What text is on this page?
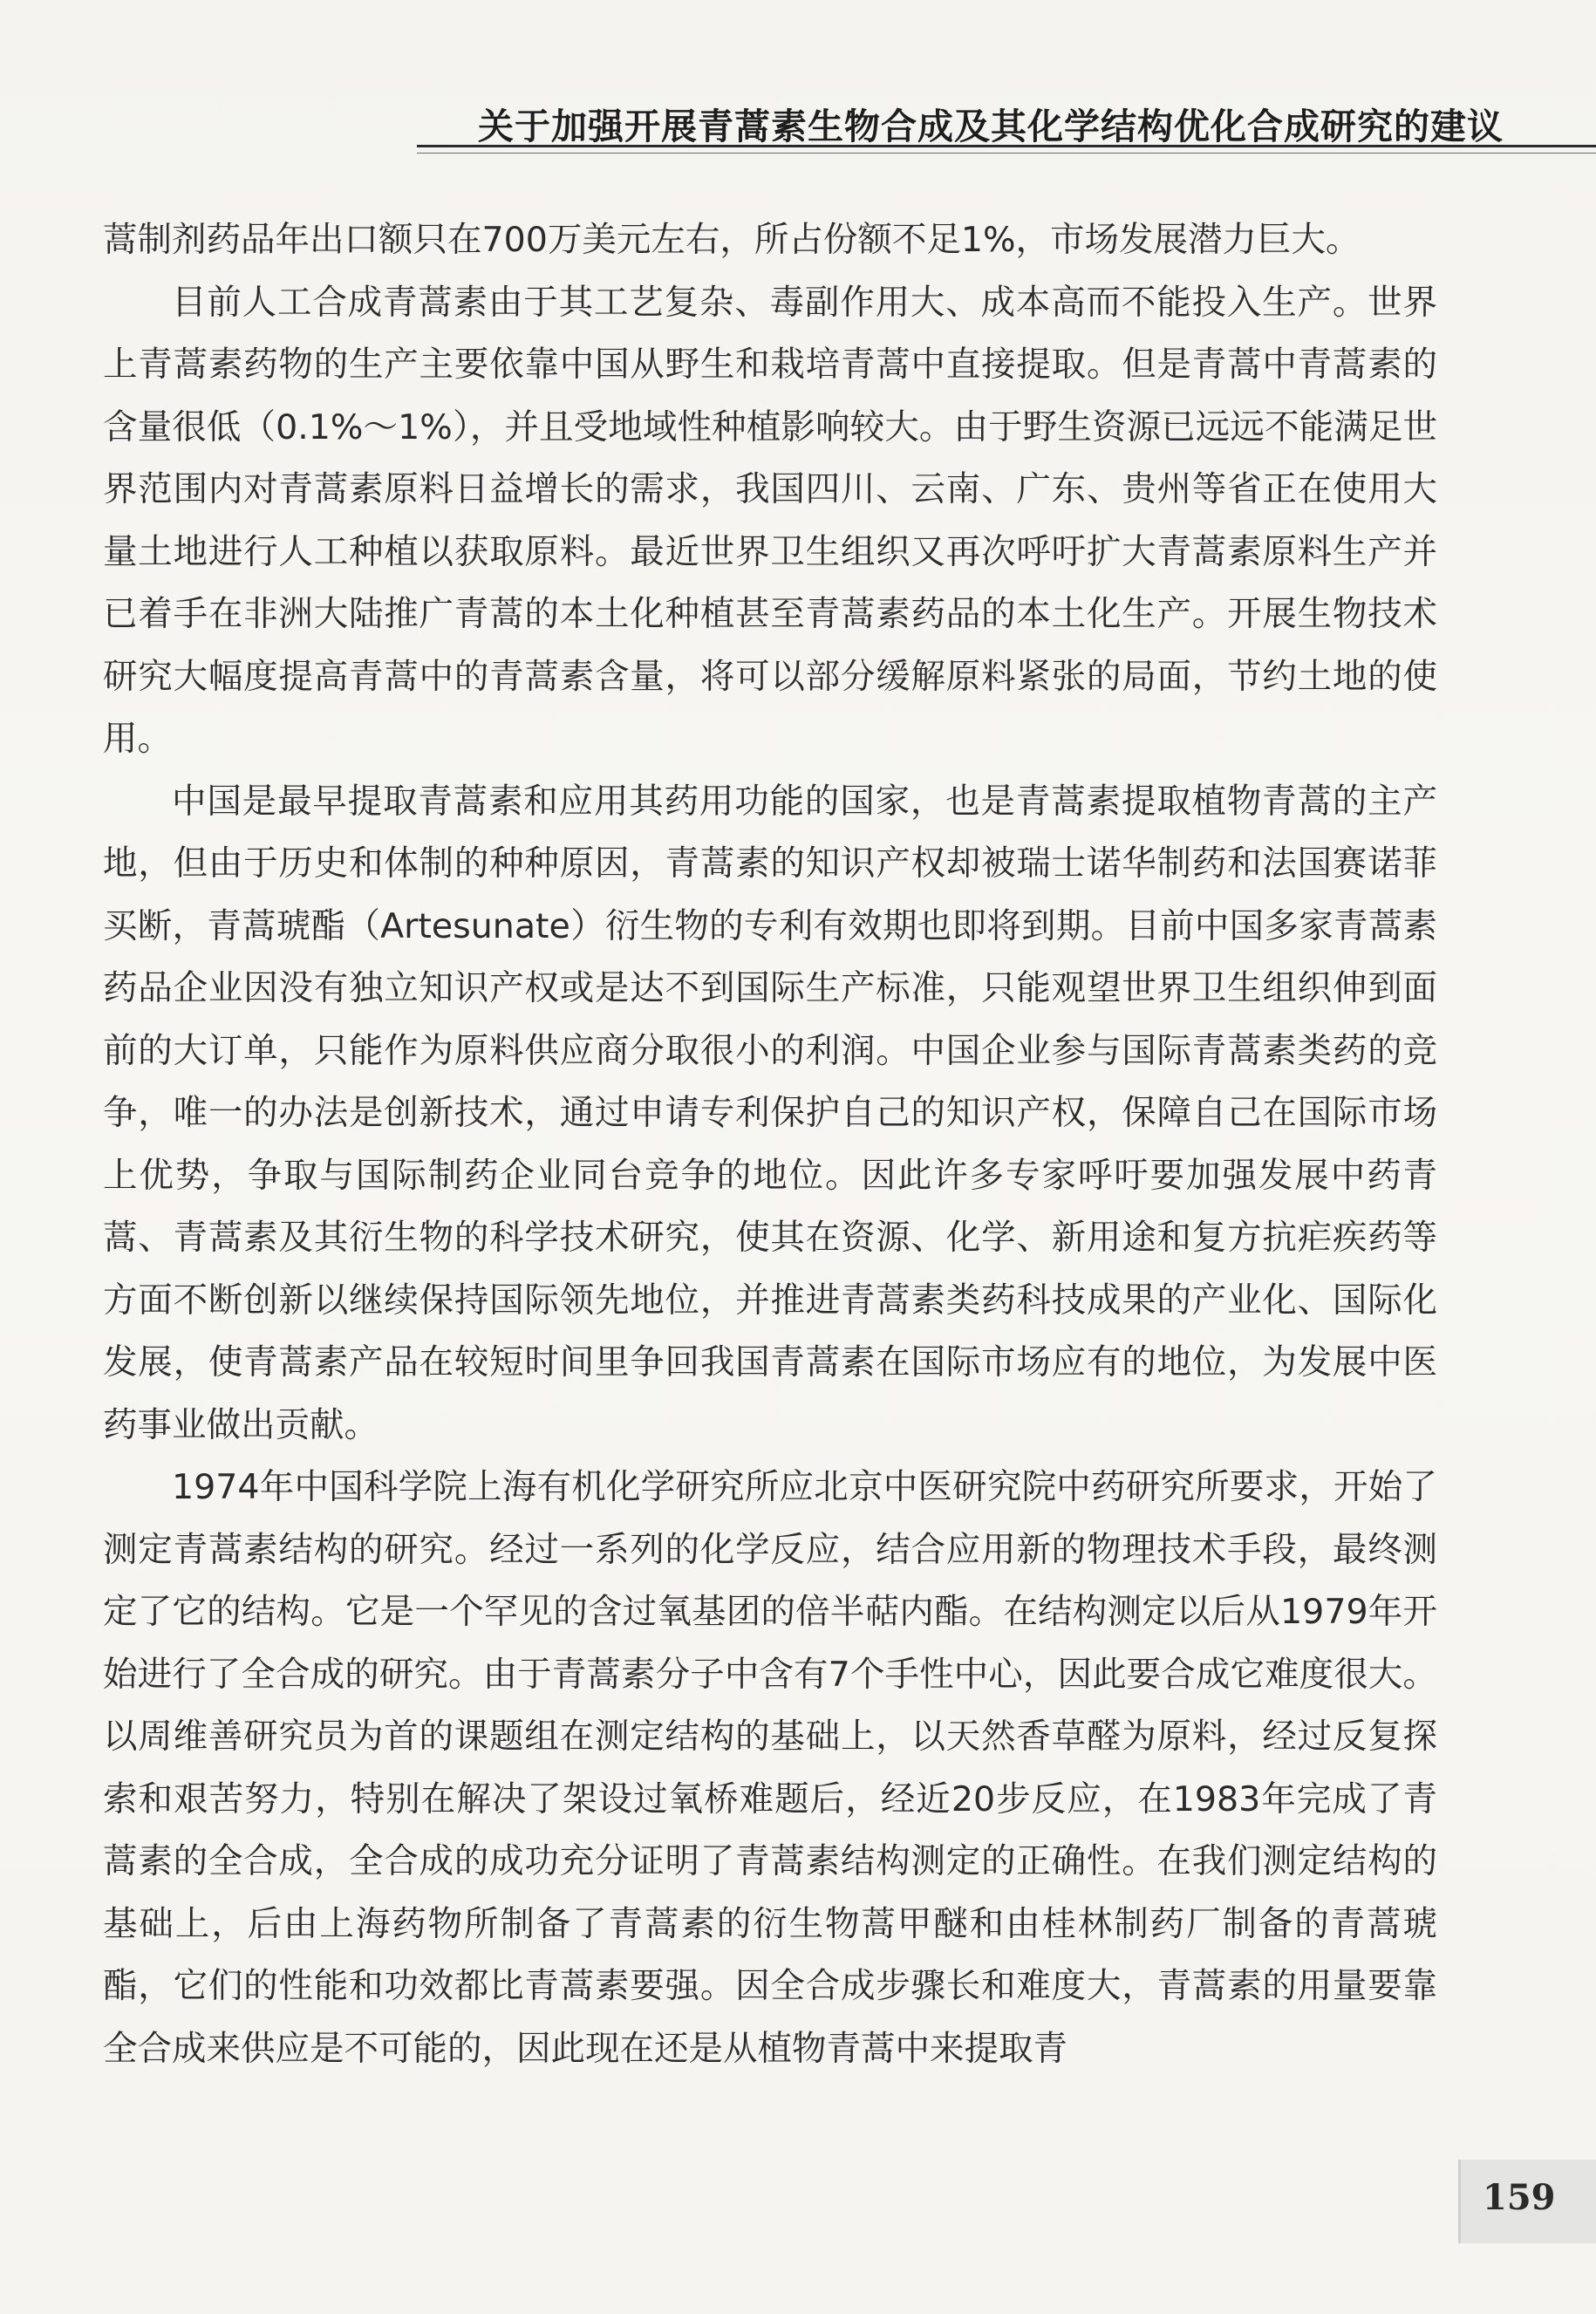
关于加强开展青蒿素生物合成及其化学结构优化合成研究的建议

蒿制剂药品年出口额只在700万美元左右，所占份额不足1%，市场发展潜力巨大。

目前人工合成青蒿素由于其工艺复杂、毒副作用大、成本高而不能投入生产。世界上青蒿素药物的生产主要依靠中国从野生和栽培青蒿中直接提取。但是青蒿中青蒿素的含量很低（0.1%～1%），并且受地域性种植影响较大。由于野生资源已远远不能满足世界范围内对青蒿素原料日益增长的需求，我国四川、云南、广东、贵州等省正在使用大量土地进行人工种植以获取原料。最近世界卫生组织又再次呼吁扩大青蒿素原料生产并已着手在非洲大陆推广青蒿的本土化种植甚至青蒿素药品的本土化生产。开展生物技术研究大幅度提高青蒿中的青蒿素含量，将可以部分缓解原料紧张的局面，节约土地的使用。

中国是最早提取青蒿素和应用其药用功能的国家，也是青蒿素提取植物青蒿的主产地，但由于历史和体制的种种原因，青蒿素的知识产权却被瑞士诺华制药和法国赛诺菲买断，青蒿琥酯（Artesunate）衍生物的专利有效期也即将到期。目前中国多家青蒿素药品企业因没有独立知识产权或是达不到国际生产标准，只能观望世界卫生组织伸到面前的大订单，只能作为原料供应商分取很小的利润。中国企业参与国际青蒿素类药的竞争，唯一的办法是创新技术，通过申请专利保护自己的知识产权，保障自己在国际市场上优势，争取与国际制药企业同台竞争的地位。因此许多专家呼吁要加强发展中药青蒿、青蒿素及其衍生物的科学技术研究，使其在资源、化学、新用途和复方抗疟疾药等方面不断创新以继续保持国际领先地位，并推进青蒿素类药科技成果的产业化、国际化发展，使青蒿素产品在较短时间里争回我国青蒿素在国际市场应有的地位，为发展中医药事业做出贡献。

1974年中国科学院上海有机化学研究所应北京中医研究院中药研究所要求，开始了测定青蒿素结构的研究。经过一系列的化学反应，结合应用新的物理技术手段，最终测定了它的结构。它是一个罕见的含过氧基团的倍半萜内酯。在结构测定以后从1979年开始进行了全合成的研究。由于青蒿素分子中含有7个手性中心，因此要合成它难度很大。以周维善研究员为首的课题组在测定结构的基础上，以天然香草醛为原料，经过反复探索和艰苦努力，特别在解决了架设过氧桥难题后，经近20步反应，在1983年完成了青蒿素的全合成，全合成的成功充分证明了青蒿素结构测定的正确性。在我们测定结构的基础上，后由上海药物所制备了青蒿素的衍生物蒿甲醚和由桂林制药厂制备的青蒿琥酯，它们的性能和功效都比青蒿素要强。因全合成步骤长和难度大，青蒿素的用量要靠全合成来供应是不可能的，因此现在还是从植物青蒿中来提取青

159
